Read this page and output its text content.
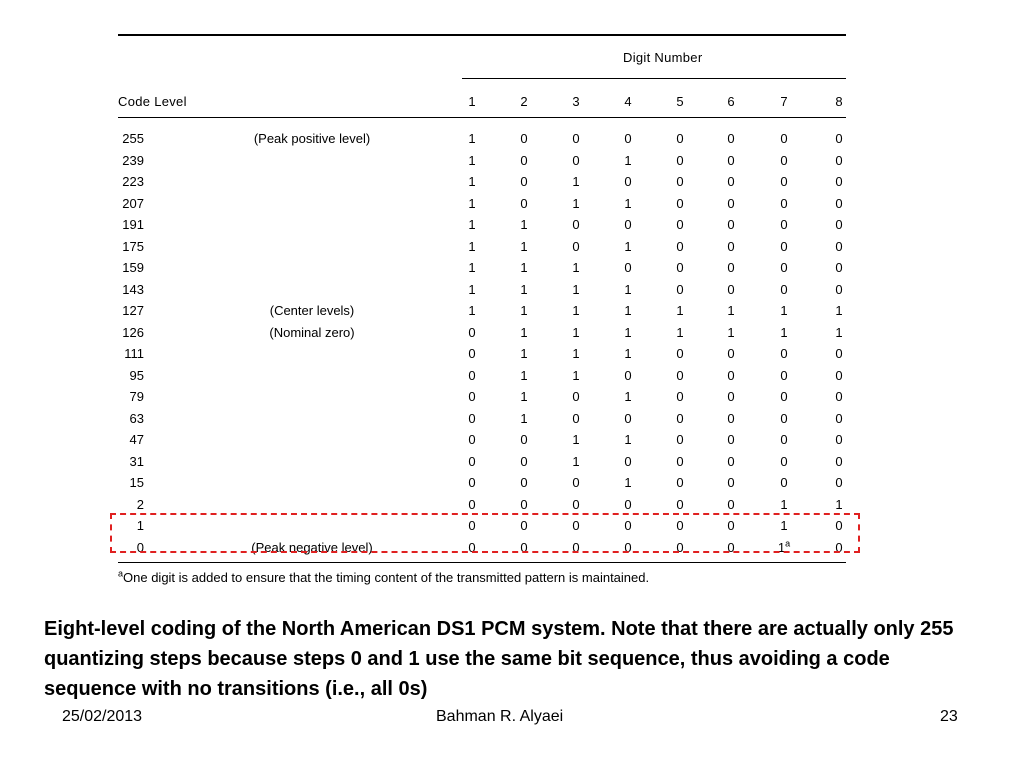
Digit Number
Code Level	1	2	3	4	5	6	7	8
255	(Peak positive level)	1	0	0	0	0	0	0	0
239	1	0	0	1	0	0	0	0
223	1	0	1	0	0	0	0	0
207	1	0	1	1	0	0	0	0
191	1	1	0	0	0	0	0	0
175	1	1	0	1	0	0	0	0
159	1	1	1	0	0	0	0	0
143	1	1	1	1	0	0	0	0
127	(Center levels)	1	1	1	1	1	1	1	1
126	(Nominal zero)	0	1	1	1	1	1	1	1
111	0	1	1	1	0	0	0	0
95	0	1	1	0	0	0	0	0
79	0	1	0	1	0	0	0	0
63	0	1	0	0	0	0	0	0
47	0	0	1	1	0	0	0	0
31	0	0	1	0	0	0	0	0
15	0	0	0	1	0	0	0	0
2	0	0	0	0	0	0	1	1
1	0	0	0	0	0	0	1	0
0	(Peak negative level)	0	0	0	0	0	0	1$^a$	0
$^a$One digit is added to ensure that the timing content of the transmitted pattern is maintained.
Eight-level coding of the North American DS1 PCM system. Note that there are actually only 255 quantizing steps because steps 0 and 1 use the same bit sequence, thus avoiding a code sequence with no transitions (i.e., all 0s)
25/02/2013	Bahman R. Alyaei	23
